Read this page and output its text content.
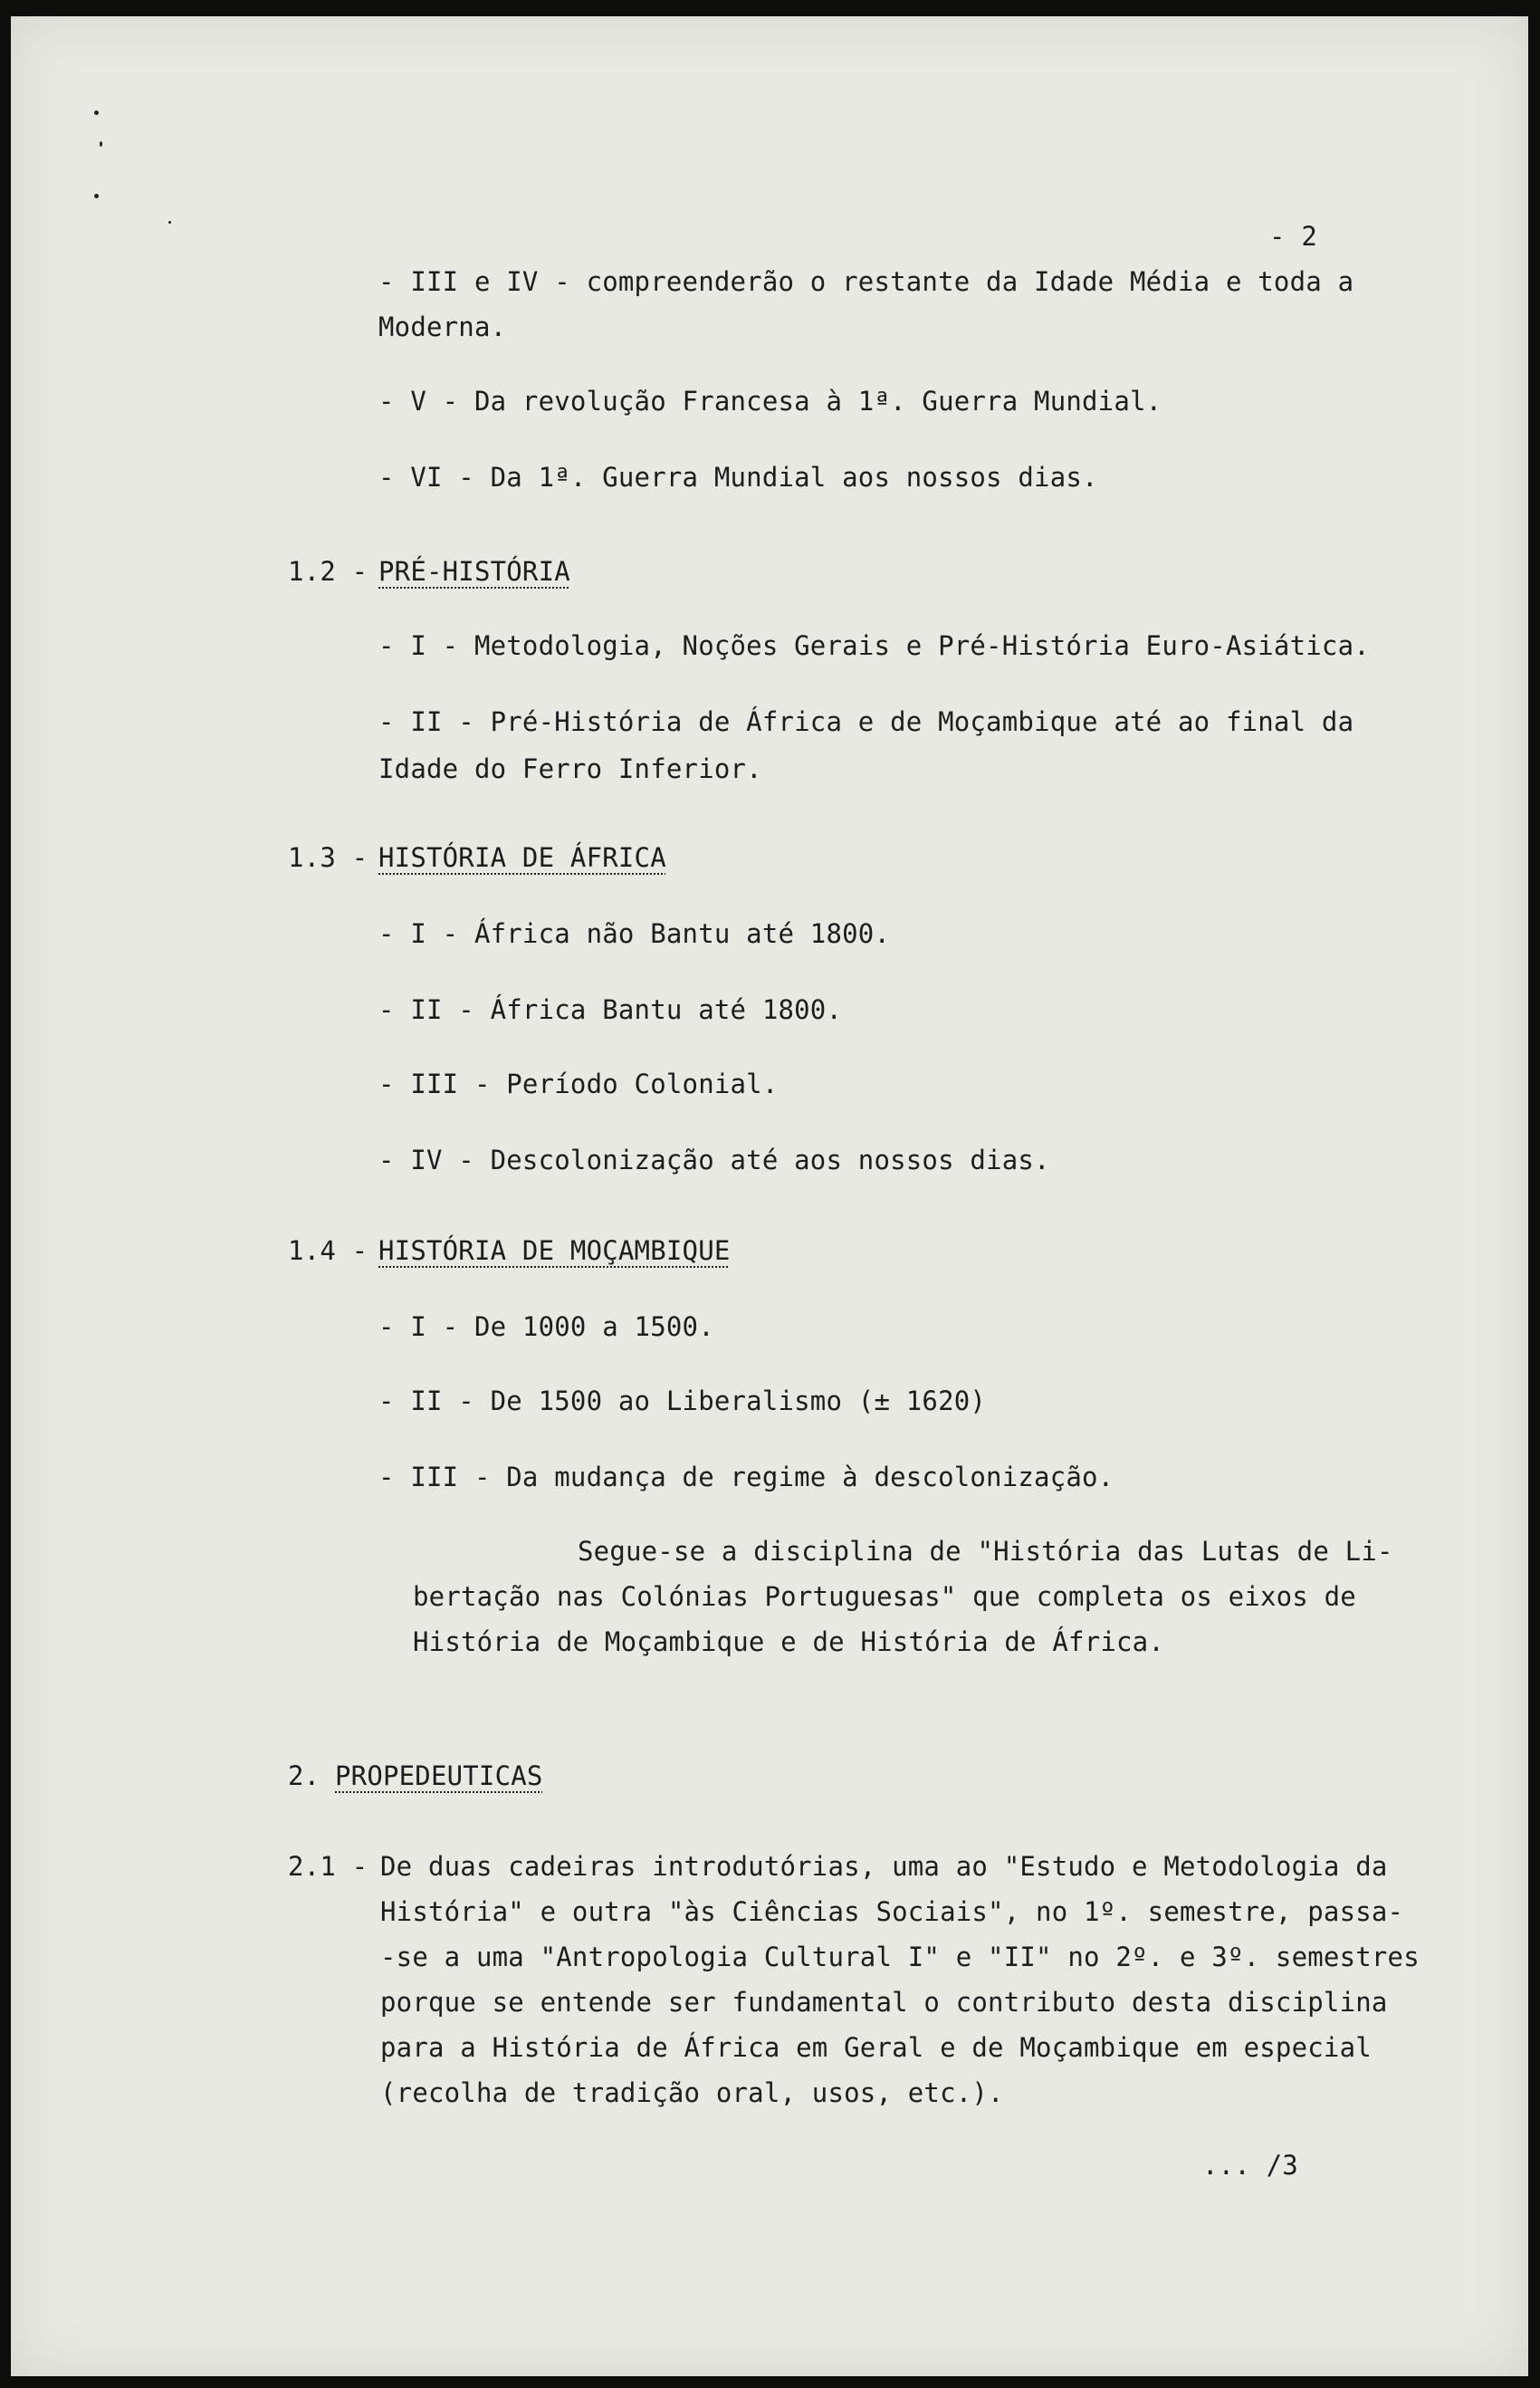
- 2
- III e IV - compreenderão o restante da Idade Média e toda a
Moderna.
- V - Da revolução Francesa à 1ª. Guerra Mundial.
- VI - Da 1ª. Guerra Mundial aos nossos dias.
1.2 - PRÉ-HISTÓRIA
- I - Metodologia, Noções Gerais e Pré-História Euro-Asiática.
- II - Pré-História de África e de Moçambique até ao final da
Idade do Ferro Inferior.
1.3 - HISTÓRIA DE ÁFRICA
- I - África não Bantu até 1800.
- II - África Bantu até 1800.
- III - Período Colonial.
- IV - Descolonização até aos nossos dias.
1.4 - HISTÓRIA DE MOÇAMBIQUE
- I - De 1000 a 1500.
- II - De 1500 ao Liberalismo (± 1620)
- III - Da mudança de regime à descolonização.
Segue-se a disciplina de "História das Lutas de Li-
bertação nas Colónias Portuguesas" que completa os eixos de
História de Moçambique e de História de África.
2. PROPEDEUTICAS
2.1 - De duas cadeiras introdutórias, uma ao "Estudo e Metodologia da
História" e outra "às Ciências Sociais", no 1º. semestre, passa-
-se a uma "Antropologia Cultural I" e "II" no 2º. e 3º. semestres
porque se entende ser fundamental o contributo desta disciplina
para a História de África em Geral e de Moçambique em especial
(recolha de tradição oral, usos, etc.).
... /3
